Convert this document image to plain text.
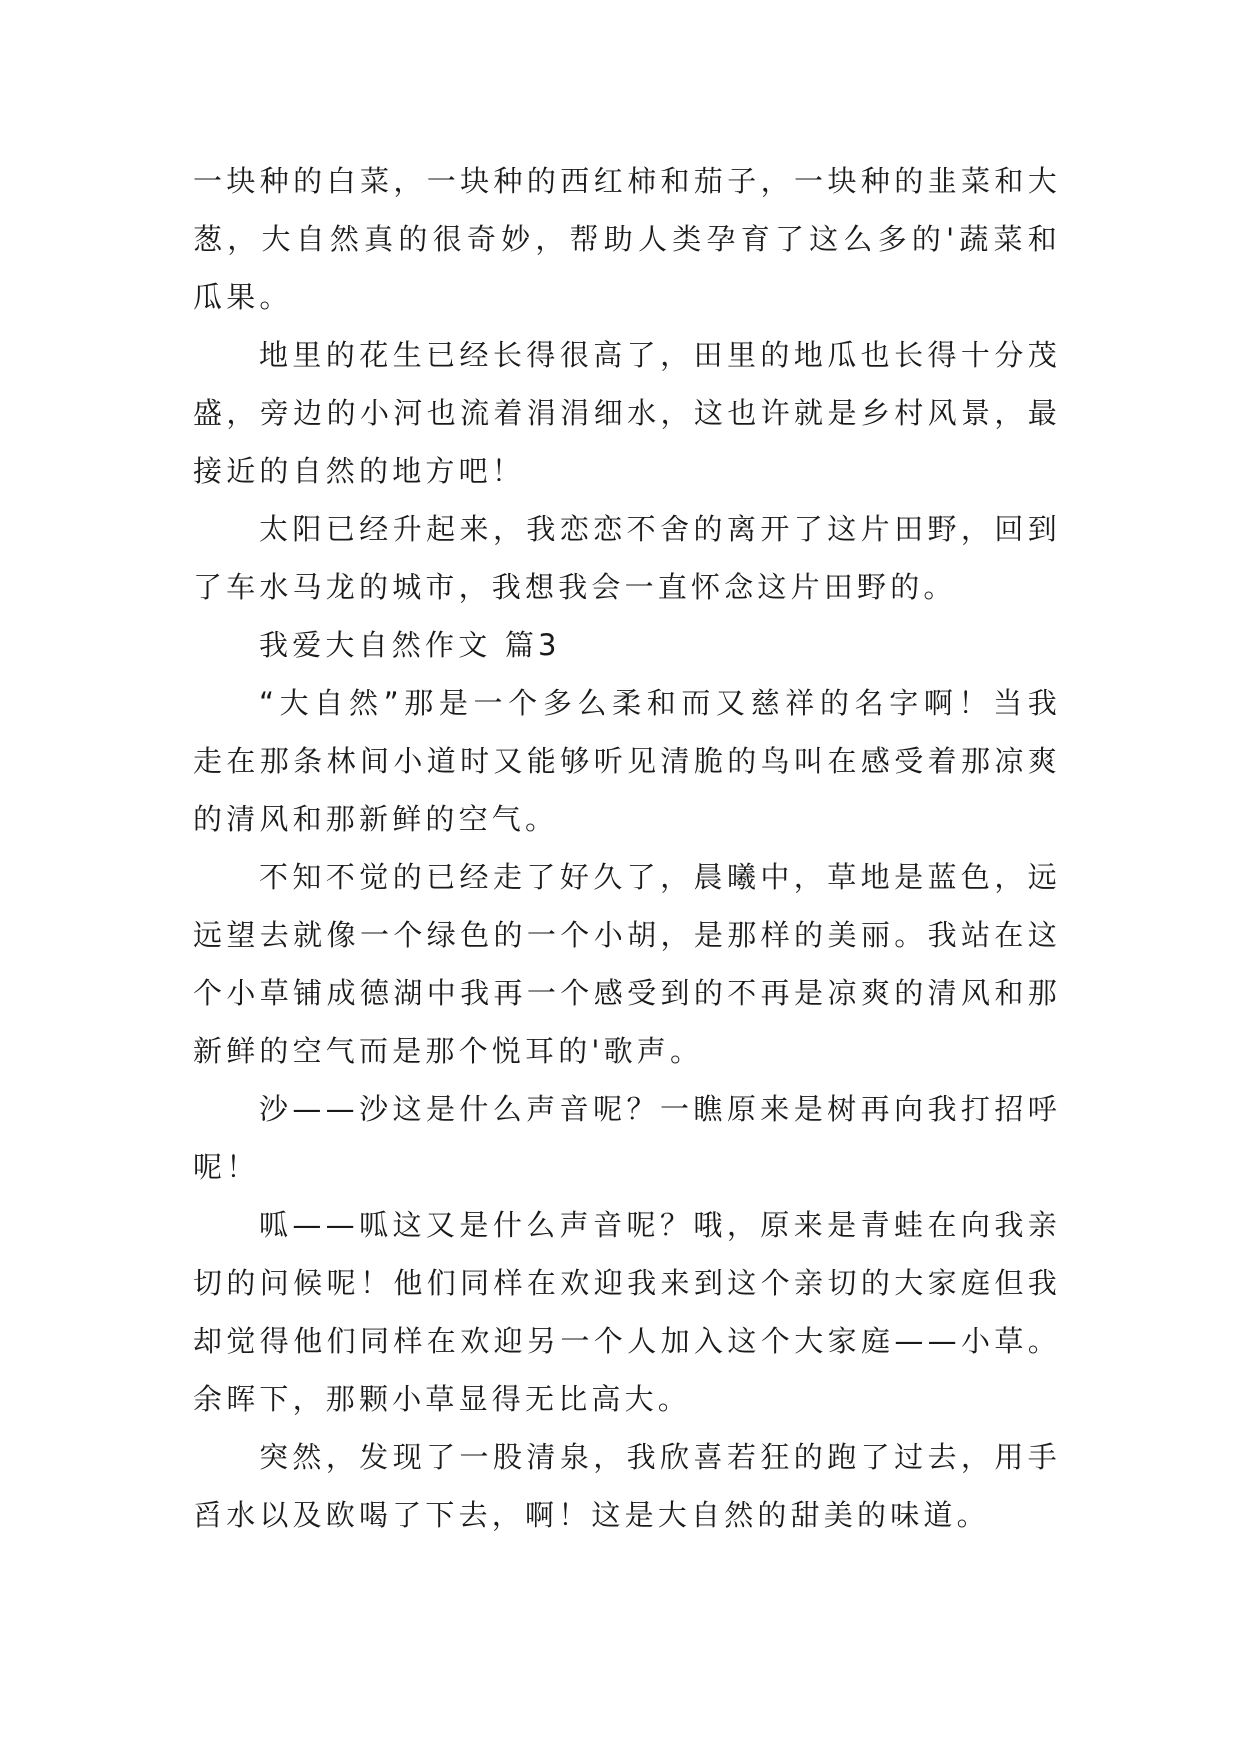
一块种的白菜，一块种的西红柿和茄子，一块种的韭菜和大葱，大自然真的很奇妙，帮助人类孕育了这么多的'蔬菜和瓜果。

地里的花生已经长得很高了，田里的地瓜也长得十分茂盛，旁边的小河也流着涓涓细水，这也许就是乡村风景，最接近的自然的地方吧！

太阳已经升起来，我恋恋不舍的离开了这片田野，回到了车水马龙的城市，我想我会一直怀念这片田野的。

我爱大自然作文 篇3

“大自然”那是一个多么柔和而又慈祥的名字啊！当我走在那条林间小道时又能够听见清脆的鸟叫在感受着那凉爽的清风和那新鲜的空气。

不知不觉的已经走了好久了，晨曦中，草地是蓝色，远远望去就像一个绿色的一个小胡，是那样的美丽。我站在这个小草铺成德湖中我再一个感受到的不再是凉爽的清风和那新鲜的空气而是那个悦耳的'歌声。

沙——沙这是什么声音呢？一瞧原来是树再向我打招呼呢！

呱——呱这又是什么声音呢？哦，原来是青蛙在向我亲切的问候呢！他们同样在欢迎我来到这个亲切的大家庭但我却觉得他们同样在欢迎另一个人加入这个大家庭——小草。余晖下，那颗小草显得无比高大。

突然，发现了一股清泉，我欣喜若狂的跑了过去，用手舀水以及欧喝了下去，啊！这是大自然的甜美的味道。
